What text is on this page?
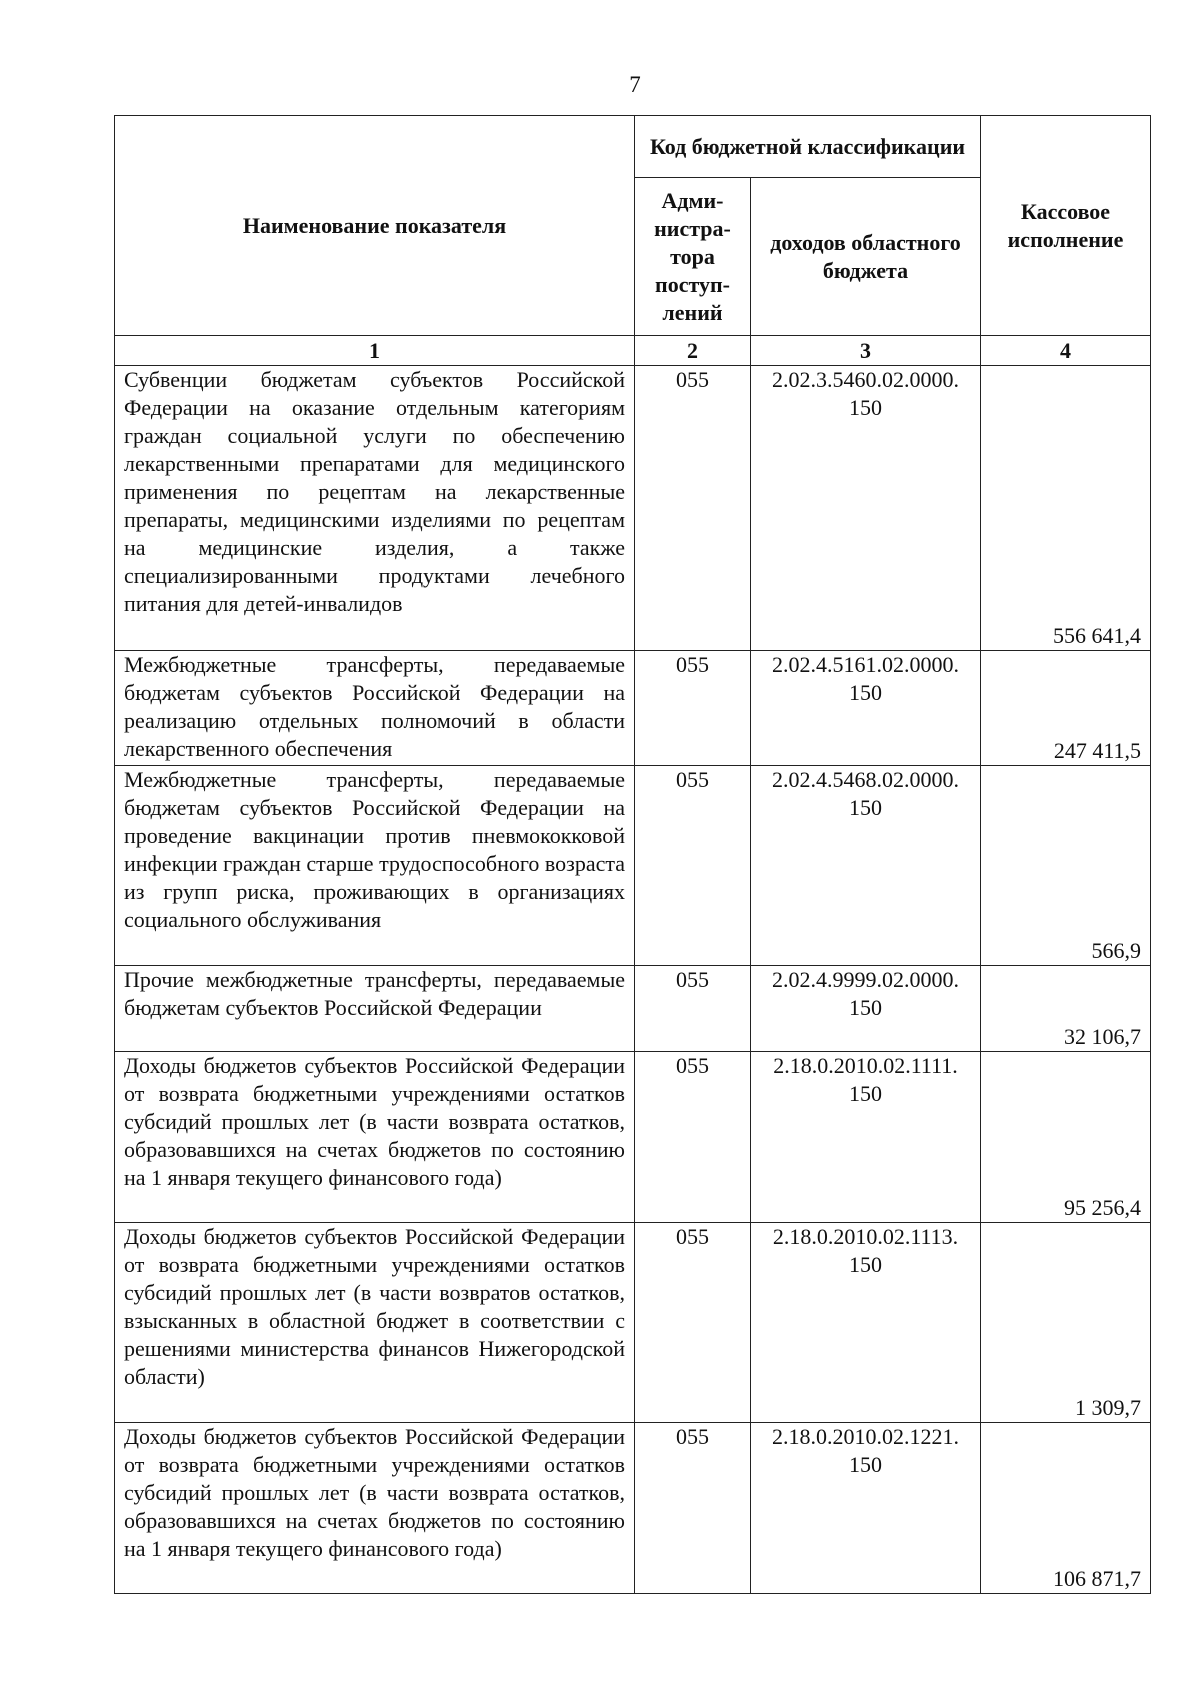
7
Наименование показателя	Код бюджетной классификации		Кассовое исполнение
	Адми-нистра-тора поступ-лений	доходов областного бюджета	
1	2	3	4
Субвенции бюджетам субъектов Российской Федерации на оказание отдельным категориям граждан социальной услуги по обеспечению лекарственными препаратами для медицинского применения по рецептам на лекарственные препараты, медицинскими изделиями по рецептам на медицинские изделия, а также специализированными продуктами лечебного питания для детей-инвалидов	055	2.02.3.5460.02.0000. 150	556 641,4
Межбюджетные трансферты, передаваемые бюджетам субъектов Российской Федерации на реализацию отдельных полномочий в области лекарственного обеспечения	055	2.02.4.5161.02.0000. 150	247 411,5
Межбюджетные трансферты, передаваемые бюджетам субъектов Российской Федерации на проведение вакцинации против пневмококковой инфекции граждан старше трудоспособного возраста из групп риска, проживающих в организациях социального обслуживания	055	2.02.4.5468.02.0000. 150	566,9
Прочие межбюджетные трансферты, передаваемые бюджетам субъектов Российской Федерации	055	2.02.4.9999.02.0000. 150	32 106,7
Доходы бюджетов субъектов Российской Федерации от возврата бюджетными учреждениями остатков субсидий прошлых лет (в части возврата остатков, образовавшихся на счетах бюджетов по состоянию на 1 января текущего финансового года)	055	2.18.0.2010.02.1111. 150	95 256,4
Доходы бюджетов субъектов Российской Федерации от возврата бюджетными учреждениями остатков субсидий прошлых лет (в части возвратов остатков, взысканных в областной бюджет в соответствии с решениями министерства финансов Нижегородской области)	055	2.18.0.2010.02.1113. 150	1 309,7
Доходы бюджетов субъектов Российской Федерации от возврата бюджетными учреждениями остатков субсидий прошлых лет (в части возврата остатков, образовавшихся на счетах бюджетов по состоянию на 1 января текущего финансового года)	055	2.18.0.2010.02.1221. 150	106 871,7
